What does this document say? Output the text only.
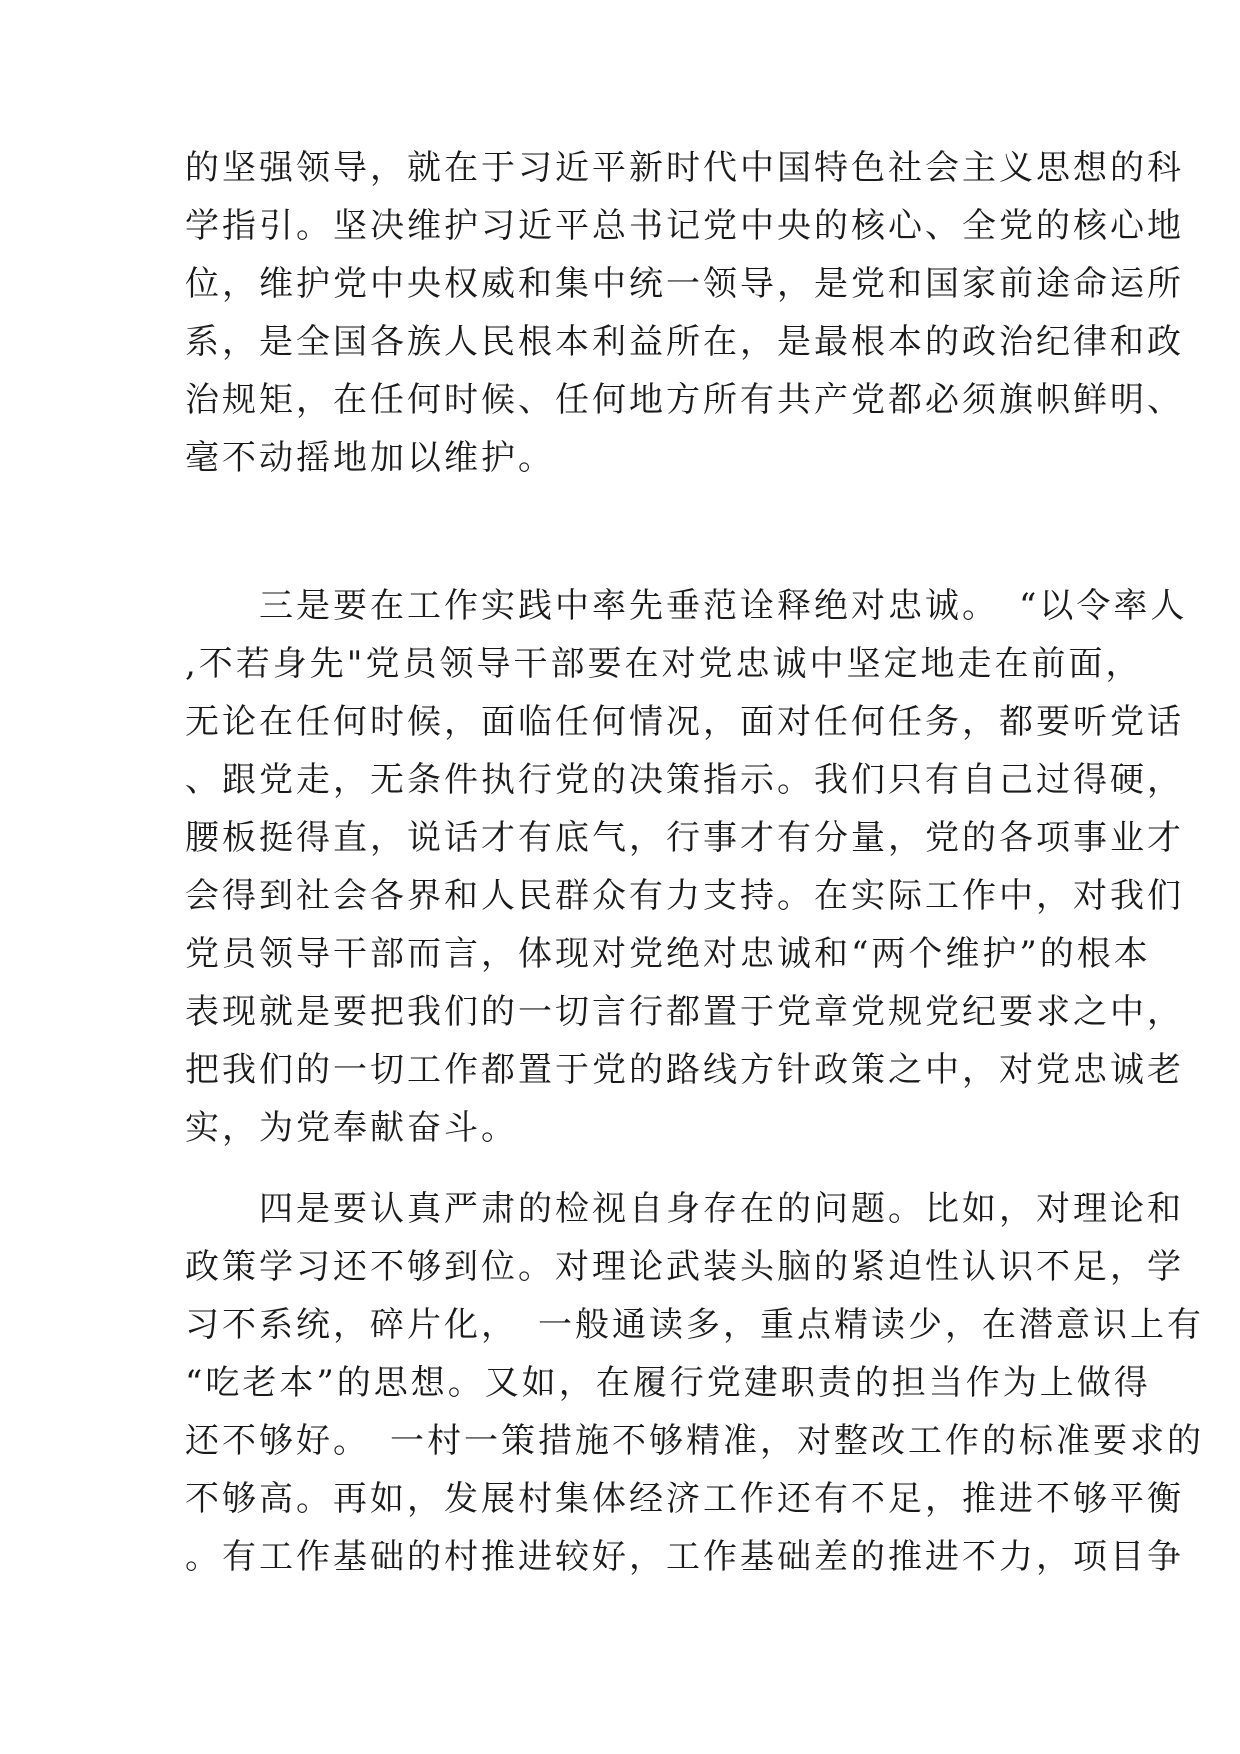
的坚强领导，就在于习近平新时代中国特色社会主义思想的科
学指引。坚决维护习近平总书记党中央的核心、全党的核心地
位，维护党中央权威和集中统一领导，是党和国家前途命运所
系，是全国各族人民根本利益所在，是最根本的政治纪律和政
治规矩，在任何时候、任何地方所有共产党都必须旗帜鲜明、
毫不动摇地加以维护。
　　三是要在工作实践中率先垂范诠释绝对忠诚。　“以令率人
,不若身先"党员领导干部要在对党忠诚中坚定地走在前面，
无论在任何时候，面临任何情况，面对任何任务，都要听党话
、跟党走，无条件执行党的决策指示。我们只有自己过得硬，
腰板挺得直，说话才有底气，行事才有分量，党的各项事业才
会得到社会各界和人民群众有力支持。在实际工作中，对我们
党员领导干部而言，体现对党绝对忠诚和“两个维护”的根本
表现就是要把我们的一切言行都置于党章党规党纪要求之中，
把我们的一切工作都置于党的路线方针政策之中，对党忠诚老
实，为党奉献奋斗。
　　四是要认真严肃的检视自身存在的问题。比如，对理论和
政策学习还不够到位。对理论武装头脑的紧迫性认识不足，学
习不系统，碎片化，　一般通读多，重点精读少，在潜意识上有
“吃老本”的思想。又如，在履行党建职责的担当作为上做得
还不够好。　一村一策措施不够精准，对整改工作的标准要求的
不够高。再如，发展村集体经济工作还有不足，推进不够平衡
。有工作基础的村推进较好，工作基础差的推进不力，项目争
